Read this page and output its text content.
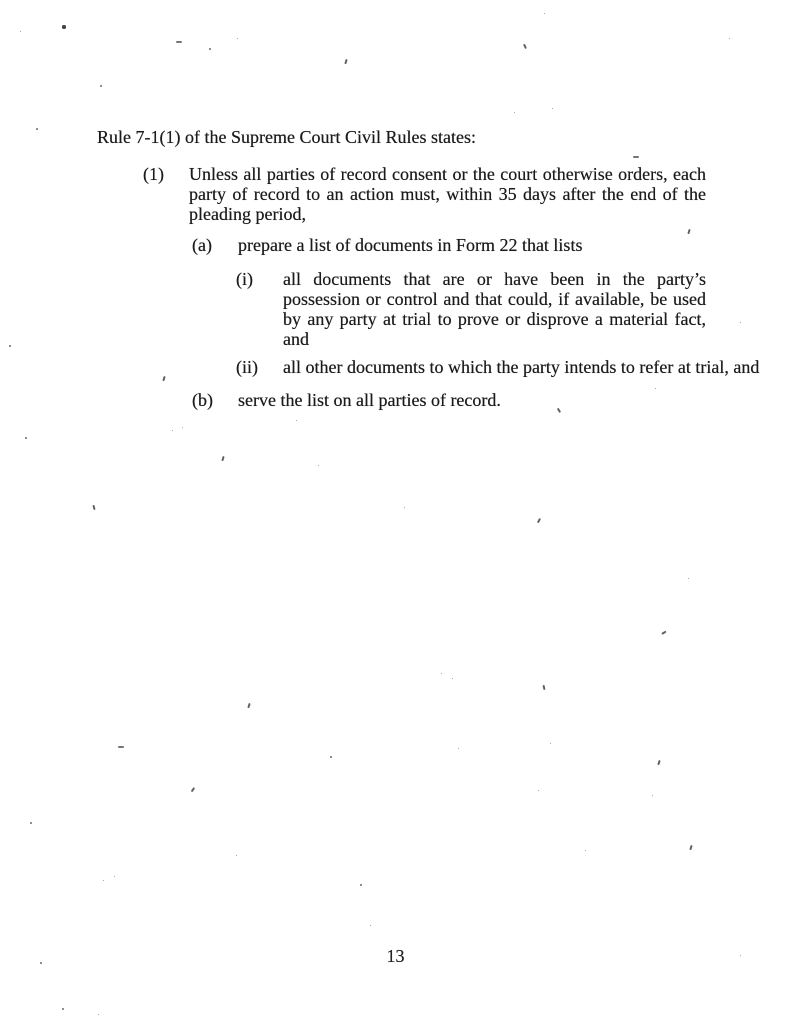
Rule 7-1(1) of the Supreme Court Civil Rules states:

(1)	Unless all parties of record consent or the court otherwise orders, each party of record to an action must, within 35 days after the end of the pleading period,

(a)	prepare a list of documents in Form 22 that lists

(i)	all documents that are or have been in the party’s possession or control and that could, if available, be used by any party at trial to prove or disprove a material fact, and

(ii)	all other documents to which the party intends to refer at trial, and

(b)	serve the list on all parties of record.

13
